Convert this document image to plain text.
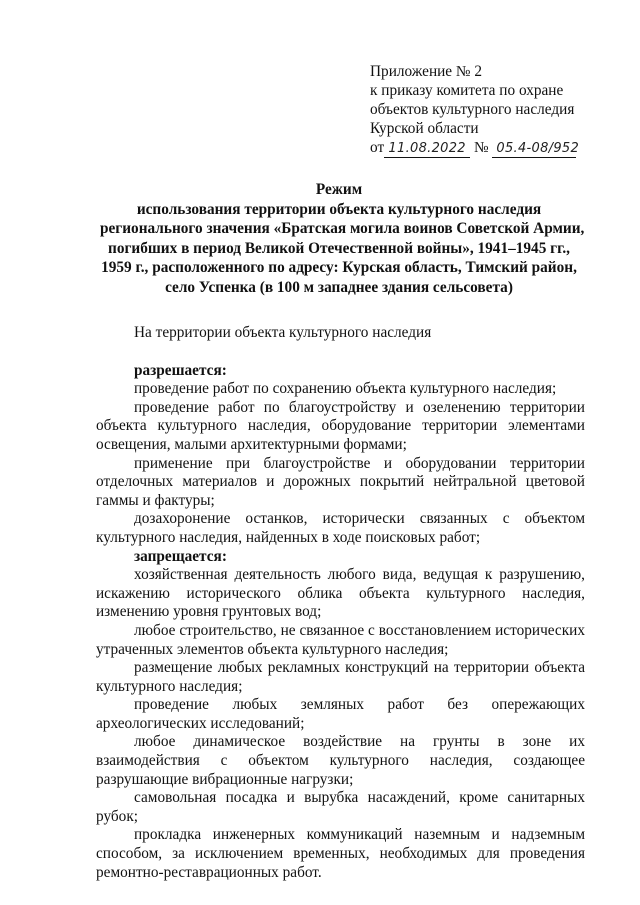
Приложение № 2
к приказу комитета по охране
объектов культурного наследия
Курской области
от 11.08.2022 № 05.4-08/952
Режим
использования территории объекта культурного наследия
регионального значения «Братская могила воинов Советской Армии,
погибших в период Великой Отечественной войны», 1941–1945 гг.,
1959 г., расположенного по адресу: Курская область, Тимский район,
село Успенка (в 100 м западнее здания сельсовета)

На территории объекта культурного наследия

разрешается:

проведение работ по сохранению объекта культурного наследия;

проведение работ по благоустройству и озеленению территории объекта культурного наследия, оборудование территории элементами освещения, малыми архитектурными формами;

применение при благоустройстве и оборудовании территории отделочных материалов и дорожных покрытий нейтральной цветовой гаммы и фактуры;

дозахоронение останков, исторически связанных с объектом культурного наследия, найденных в ходе поисковых работ;

запрещается:

хозяйственная деятельность любого вида, ведущая к разрушению, искажению исторического облика объекта культурного наследия, изменению уровня грунтовых вод;

любое строительство, не связанное с восстановлением исторических утраченных элементов объекта культурного наследия;

размещение любых рекламных конструкций на территории объекта культурного наследия;

проведение любых земляных работ без опережающих археологических исследований;

любое динамическое воздействие на грунты в зоне их взаимодействия с объектом культурного наследия, создающее разрушающие вибрационные нагрузки;

самовольная посадка и вырубка насаждений, кроме санитарных рубок;

прокладка инженерных коммуникаций наземным и надземным способом, за исключением временных, необходимых для проведения ремонтно-реставрационных работ.
